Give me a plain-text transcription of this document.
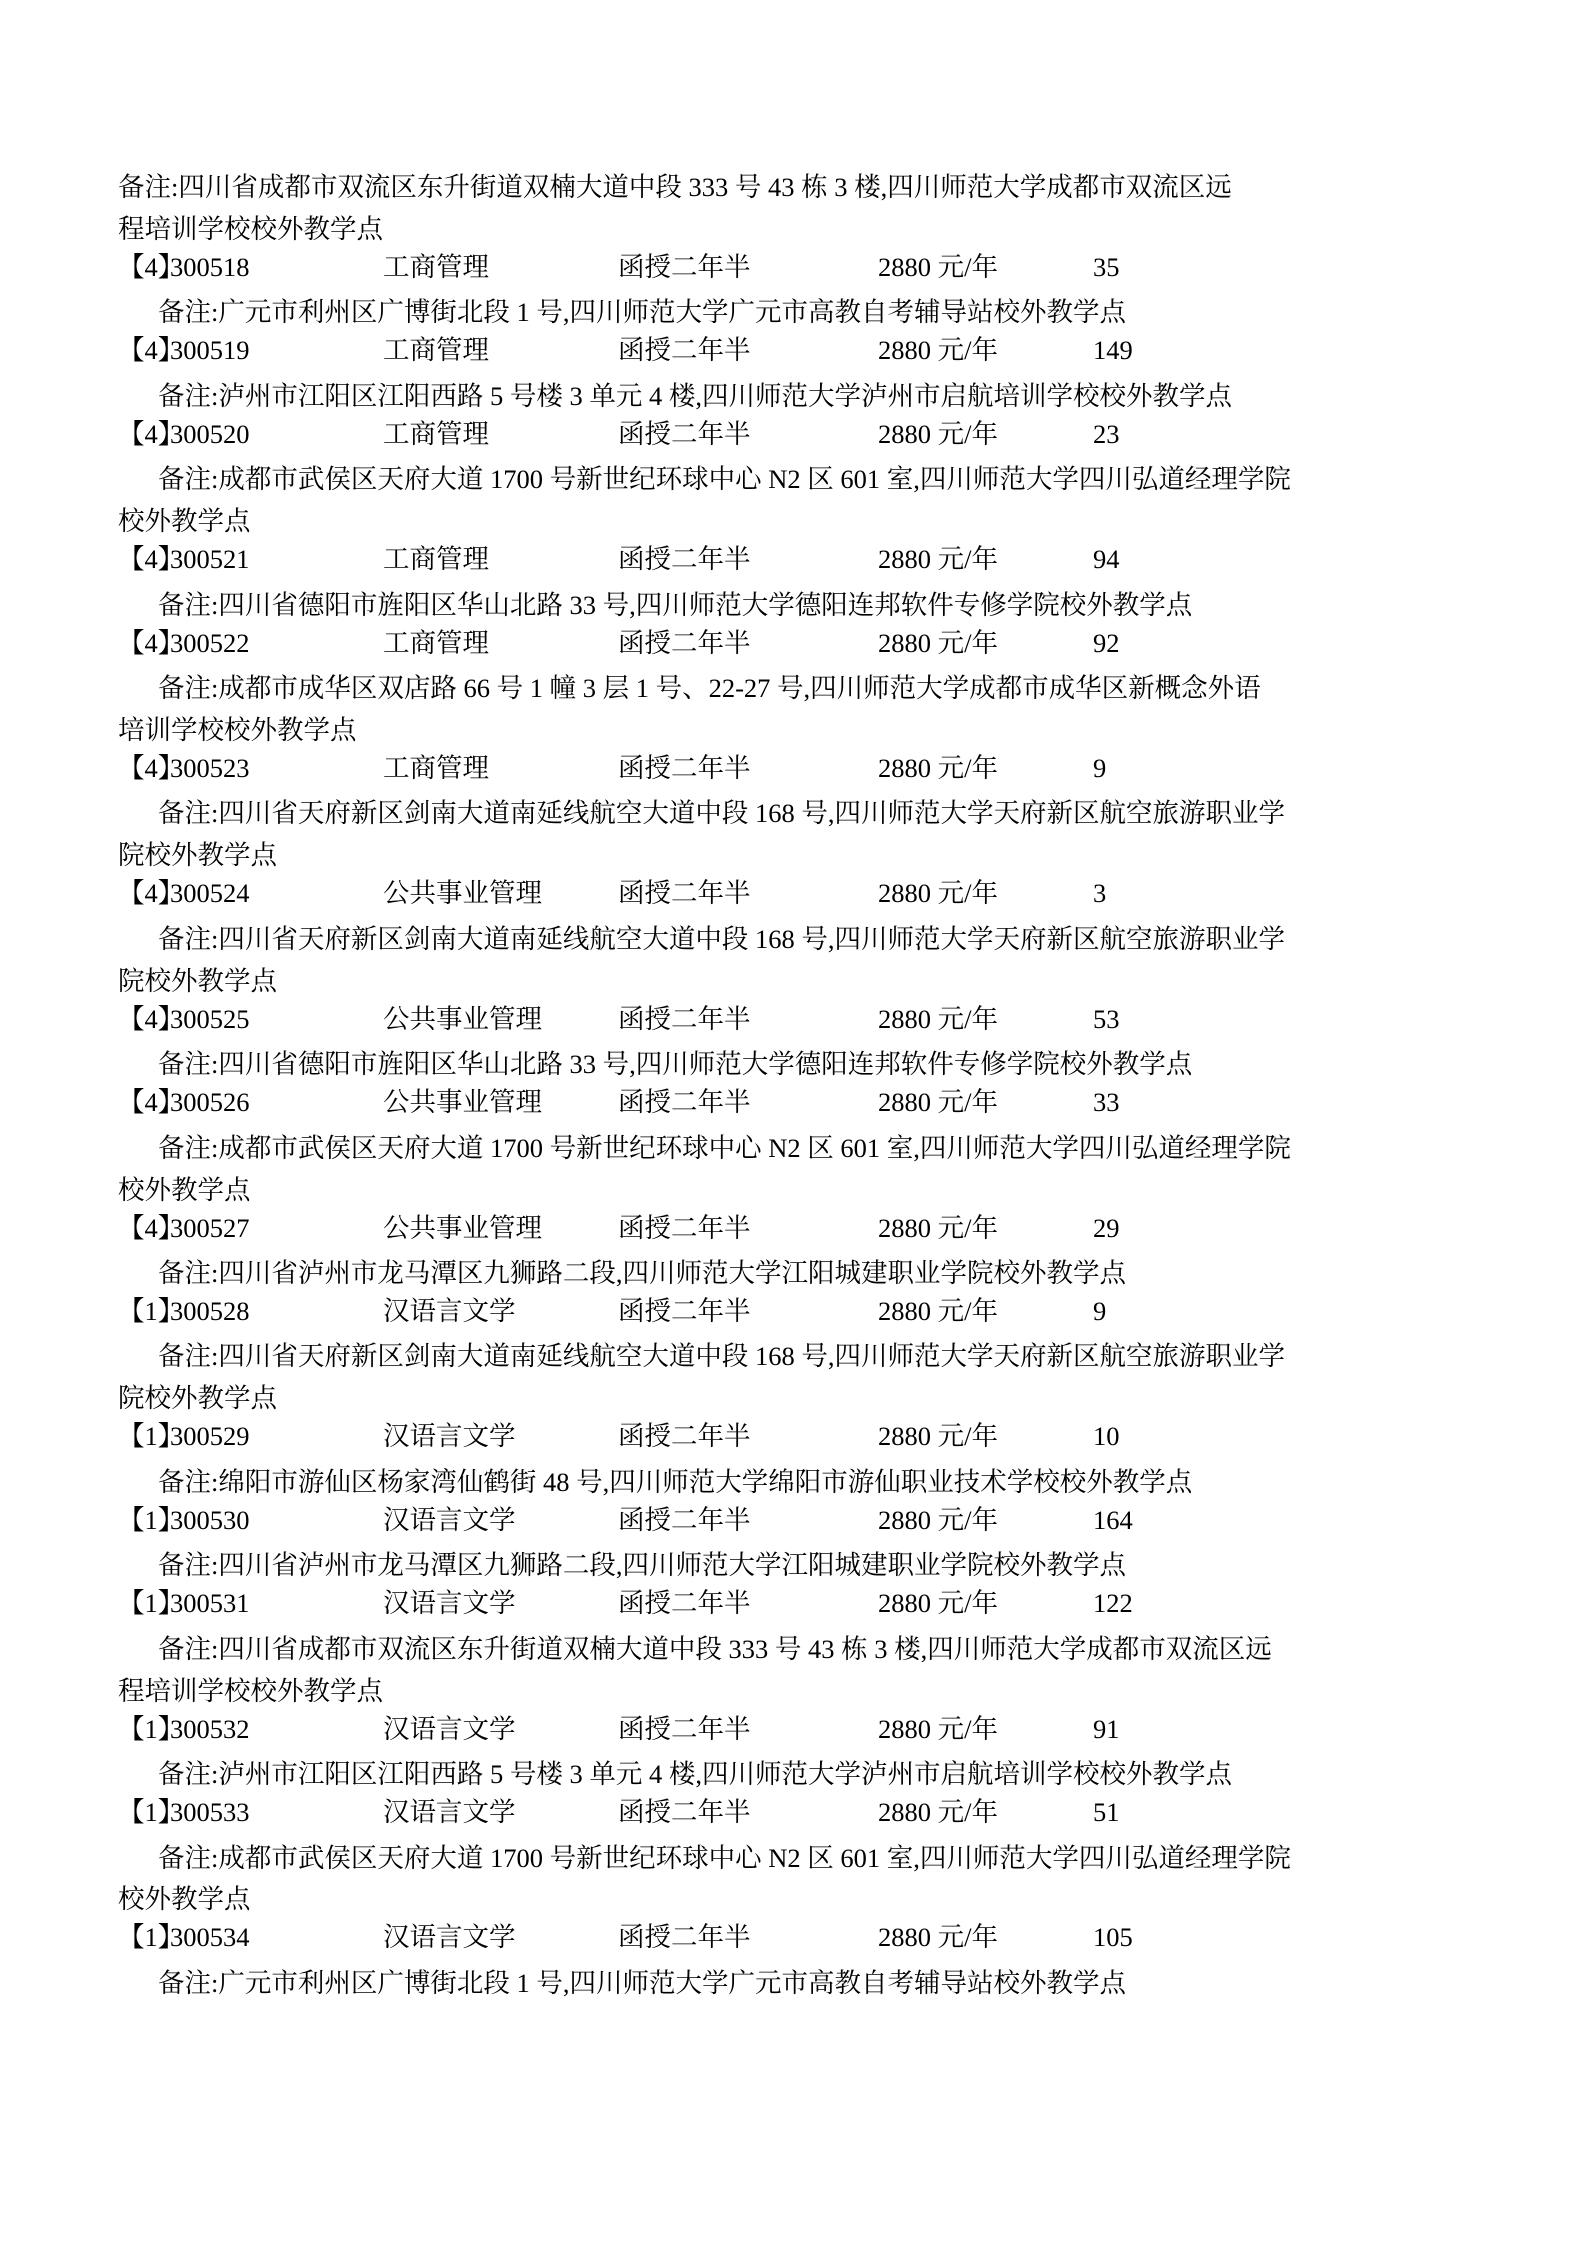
备注:四川省成都市双流区东升街道双楠大道中段 333 号 43 栋 3 楼,四川师范大学成都市双流区远
程培训学校校外教学点
【4】
300518	工商管理	函授二年半	2880 元/年	35
备注:广元市利州区广博街北段 1 号,四川师范大学广元市高教自考辅导站校外教学点
【4】
300519	工商管理	函授二年半	2880 元/年	149
备注:泸州市江阳区江阳西路 5 号楼 3 单元 4 楼,四川师范大学泸州市启航培训学校校外教学点
【4】
300520	工商管理	函授二年半	2880 元/年	23
备注:成都市武侯区天府大道 1700 号新世纪环球中心 N2 区 601 室,四川师范大学四川弘道经理学院
校外教学点
【4】
300521	工商管理	函授二年半	2880 元/年	94
备注:四川省德阳市旌阳区华山北路 33 号,四川师范大学德阳连邦软件专修学院校外教学点
【4】
300522	工商管理	函授二年半	2880 元/年	92
备注:成都市成华区双店路 66 号 1 幢 3 层 1 号、22-27 号,四川师范大学成都市成华区新概念外语
培训学校校外教学点
【4】
300523	工商管理	函授二年半	2880 元/年	9
备注:四川省天府新区剑南大道南延线航空大道中段 168 号,四川师范大学天府新区航空旅游职业学
院校外教学点
【4】
300524	公共事业管理	函授二年半	2880 元/年	3
备注:四川省天府新区剑南大道南延线航空大道中段 168 号,四川师范大学天府新区航空旅游职业学
院校外教学点
【4】
300525	公共事业管理	函授二年半	2880 元/年	53
备注:四川省德阳市旌阳区华山北路 33 号,四川师范大学德阳连邦软件专修学院校外教学点
【4】
300526	公共事业管理	函授二年半	2880 元/年	33
备注:成都市武侯区天府大道 1700 号新世纪环球中心 N2 区 601 室,四川师范大学四川弘道经理学院
校外教学点
【4】
300527	公共事业管理	函授二年半	2880 元/年	29
备注:四川省泸州市龙马潭区九狮路二段,四川师范大学江阳城建职业学院校外教学点
【1】
300528	汉语言文学	函授二年半	2880 元/年	9
备注:四川省天府新区剑南大道南延线航空大道中段 168 号,四川师范大学天府新区航空旅游职业学
院校外教学点
【1】
300529	汉语言文学	函授二年半	2880 元/年	10
备注:绵阳市游仙区杨家湾仙鹤街 48 号,四川师范大学绵阳市游仙职业技术学校校外教学点
【1】
300530	汉语言文学	函授二年半	2880 元/年	164
备注:四川省泸州市龙马潭区九狮路二段,四川师范大学江阳城建职业学院校外教学点
【1】
300531	汉语言文学	函授二年半	2880 元/年	122
备注:四川省成都市双流区东升街道双楠大道中段 333 号 43 栋 3 楼,四川师范大学成都市双流区远
程培训学校校外教学点
【1】
300532	汉语言文学	函授二年半	2880 元/年	91
备注:泸州市江阳区江阳西路 5 号楼 3 单元 4 楼,四川师范大学泸州市启航培训学校校外教学点
【1】
300533	汉语言文学	函授二年半	2880 元/年	51
备注:成都市武侯区天府大道 1700 号新世纪环球中心 N2 区 601 室,四川师范大学四川弘道经理学院
校外教学点
【1】
300534	汉语言文学	函授二年半	2880 元/年	105
备注:广元市利州区广博街北段 1 号,四川师范大学广元市高教自考辅导站校外教学点
